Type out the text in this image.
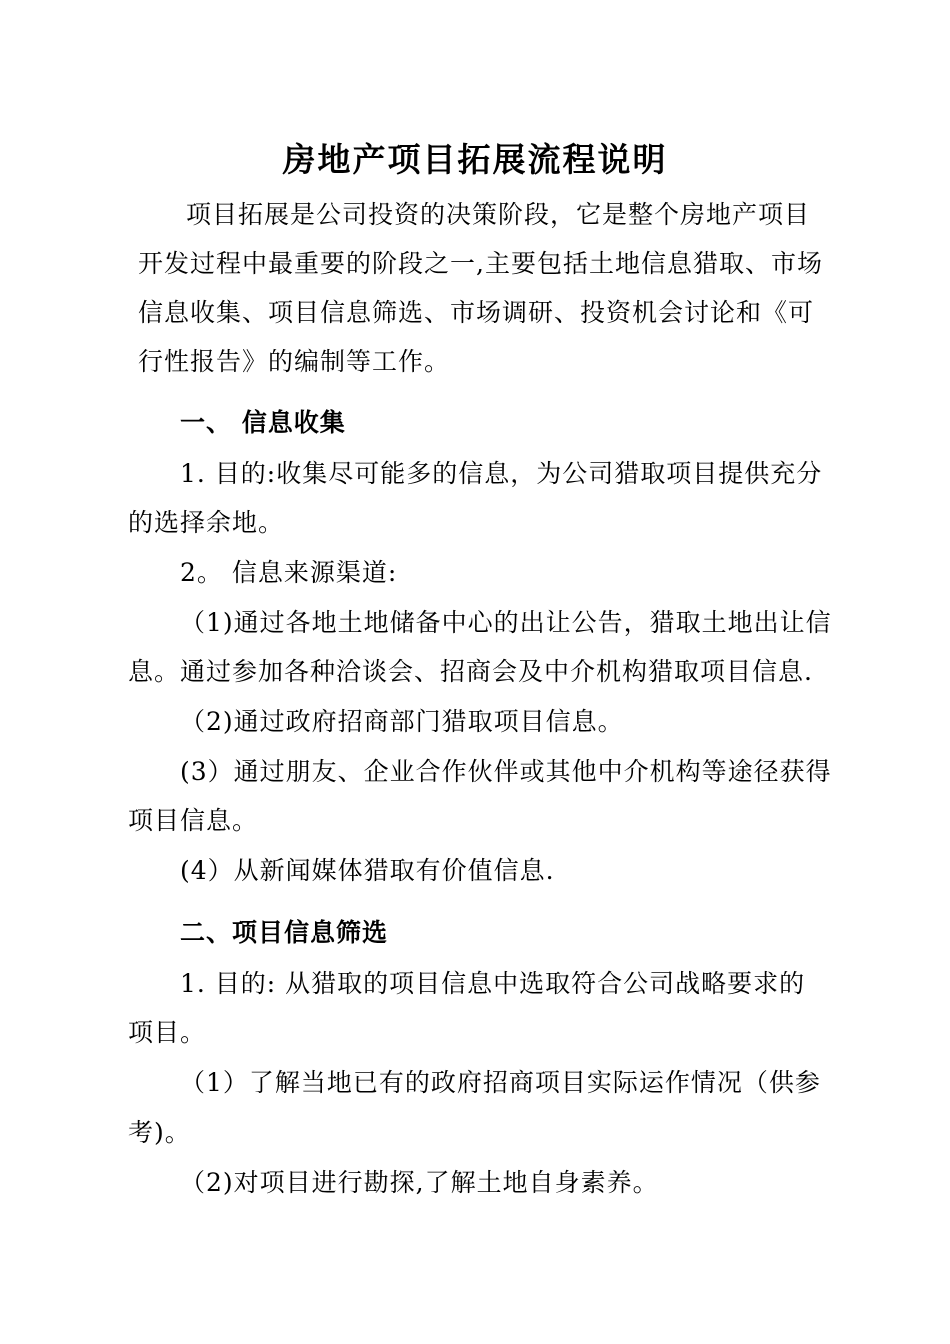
房地产项目拓展流程说明
项目拓展是公司投资的决策阶段，它是整个房地产项目
开发过程中最重要的阶段之一,主要包括土地信息猎取、市场
信息收集、项目信息筛选、市场调研、投资机会讨论和《可
行性报告》的编制等工作。
一、 信息收集
1. 目的:收集尽可能多的信息，为公司猎取项目提供充分
的选择余地。
2。 信息来源渠道:
（1)通过各地土地储备中心的出让公告，猎取土地出让信
息。通过参加各种洽谈会、招商会及中介机构猎取项目信息.
（2)通过政府招商部门猎取项目信息。
(3）通过朋友、企业合作伙伴或其他中介机构等途径获得
项目信息。
(4）从新闻媒体猎取有价值信息.
二、项目信息筛选
1. 目的: 从猎取的项目信息中选取符合公司战略要求的
项目。
（1）了解当地已有的政府招商项目实际运作情况（供参
考)。
（2)对项目进行勘探,了解土地自身素养。
